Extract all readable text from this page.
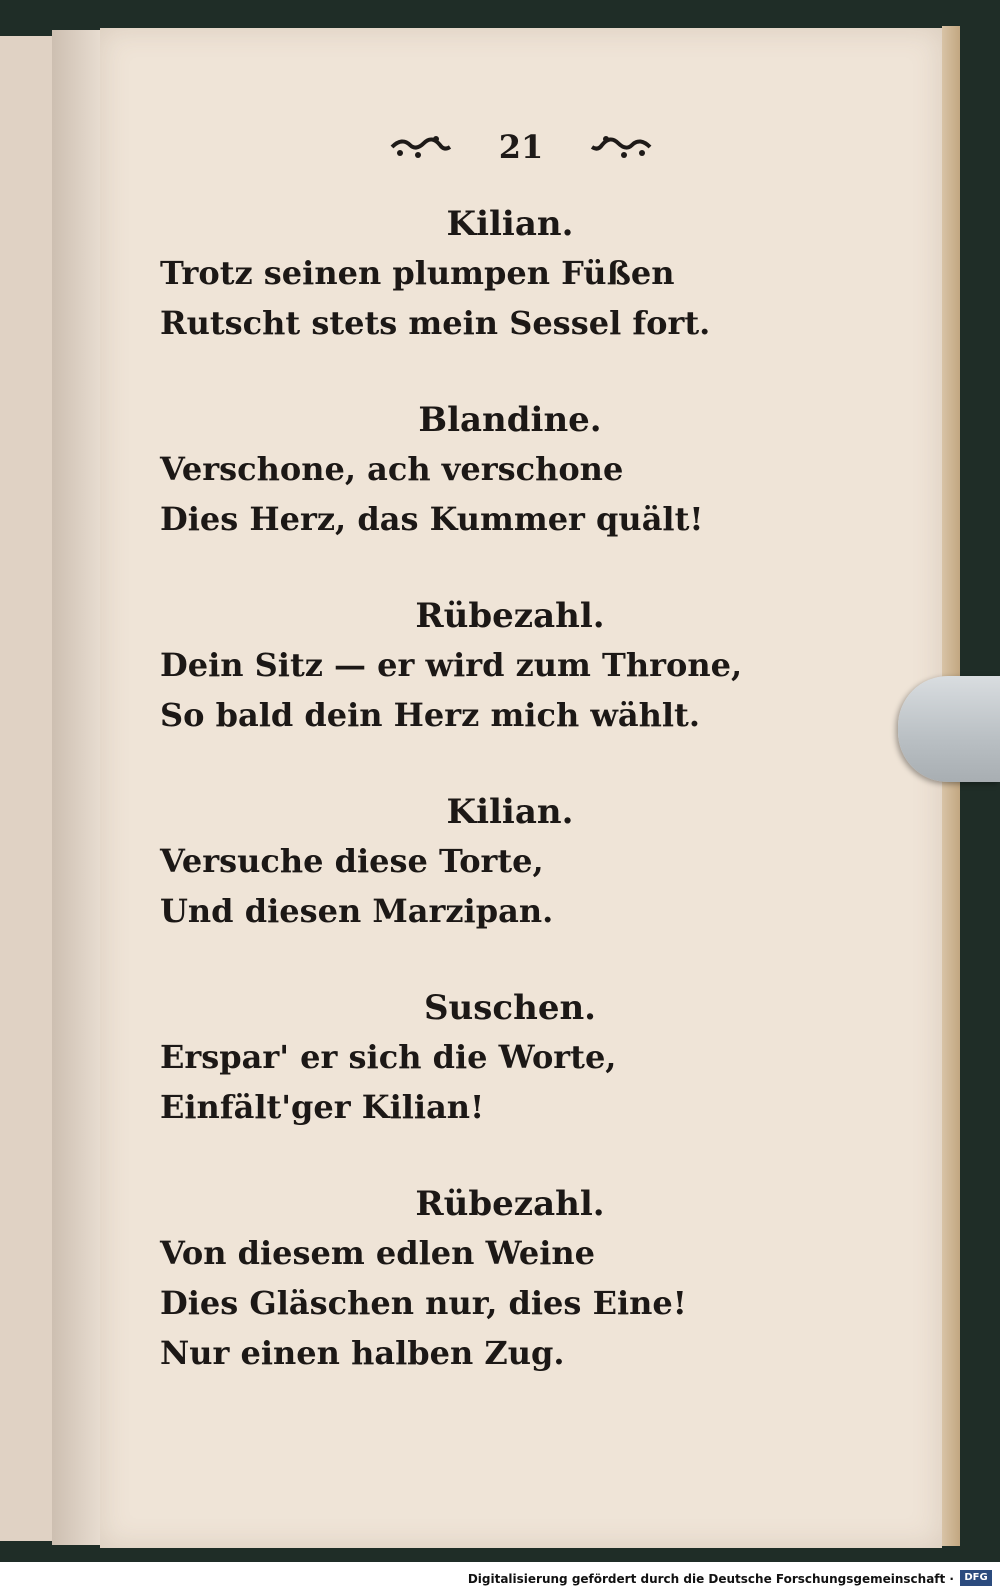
21
Kilian.
Trotz seinen plumpen Füßen
Rutscht stets mein Sessel fort.
Blandine.
Verschone, ach verschone
Dies Herz, das Kummer quält!
Rübezahl.
Dein Sitz — er wird zum Throne,
So bald dein Herz mich wählt.
Kilian.
Versuche diese Torte,
Und diesen Marzipan.
Suschen.
Erspar' er sich die Worte,
Einfält'ger Kilian!
Rübezahl.
Von diesem edlen Weine
Dies Gläschen nur, dies Eine!
Nur einen halben Zug.
Digitalisierung gefördert durch die Deutsche Forschungsgemeinschaft ·	DFG
